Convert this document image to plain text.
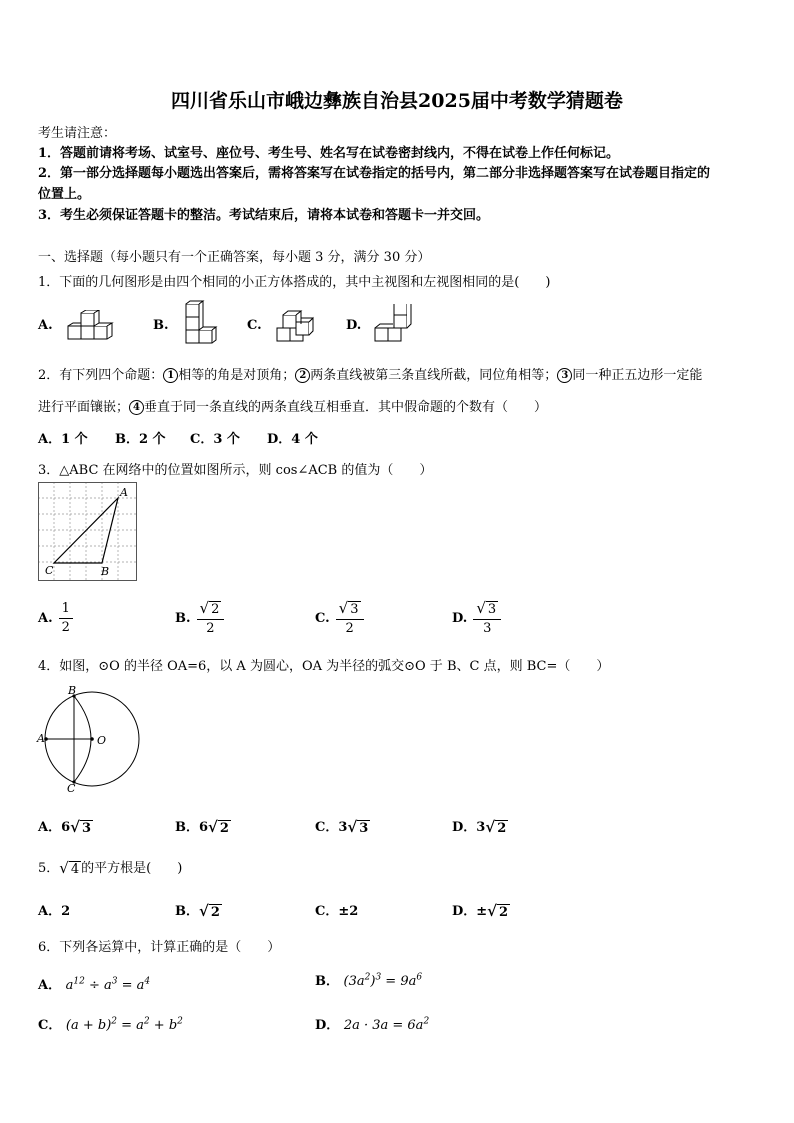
四川省乐山市峨边彝族自治县2025届中考数学猜题卷
考生请注意：
1．答题前请将考场、试室号、座位号、考生号、姓名写在试卷密封线内，不得在试卷上作任何标记。
2．第一部分选择题每小题选出答案后，需将答案写在试卷指定的括号内，第二部分非选择题答案写在试卷题目指定的
位置上。
3．考生必须保证答题卡的整洁。考试结束后，请将本试卷和答题卡一并交回。
一、选择题（每小题只有一个正确答案，每小题 3 分，满分 30 分）
1．下面的几何图形是由四个相同的小正方体搭成的，其中主视图和左视图相同的是(　　)
A.	B.	C.	D.
2．有下列四个命题： 1 相等的角是对顶角； 2 两条直线被第三条直线所截，同位角相等； 3 同一种正五边形一定能
进行平面镶嵌； 4 垂直于同一条直线的两条直线互相垂直．其中假命题的个数有（　　）
A．1 个 B．2 个 C．3 个 D．4 个
3．△ABC 在网络中的位置如图所示，则 cos∠ACB 的值为（　　）
A
B
C
A. $\frac{1}{2}$	B. $\frac{√ 2}{2}$	C. $\frac{√ 3}{2}$	D. $\frac{√ 3}{3}$
4．如图，⊙O 的半径 OA=6，以 A 为圆心，OA 为半径的弧交⊙O 于 B、C 点，则 BC=（　　）
B
A	O
C
A．6√ 3	B．6√ 2	C．3√ 3	D．3√ 2
5．√ 4 的平方根是(　　)
A．2	B．√ 2	C．±2	D．±√ 2
6．下列各运算中，计算正确的是（　　）
A． $a^{12} \div a^3 = a^4$	B． $(3a^2)^3 = 9a^6$
C． $(a + b)^2 = a^2 + b^2$	D． $2a \cdot 3a = 6a^2$
